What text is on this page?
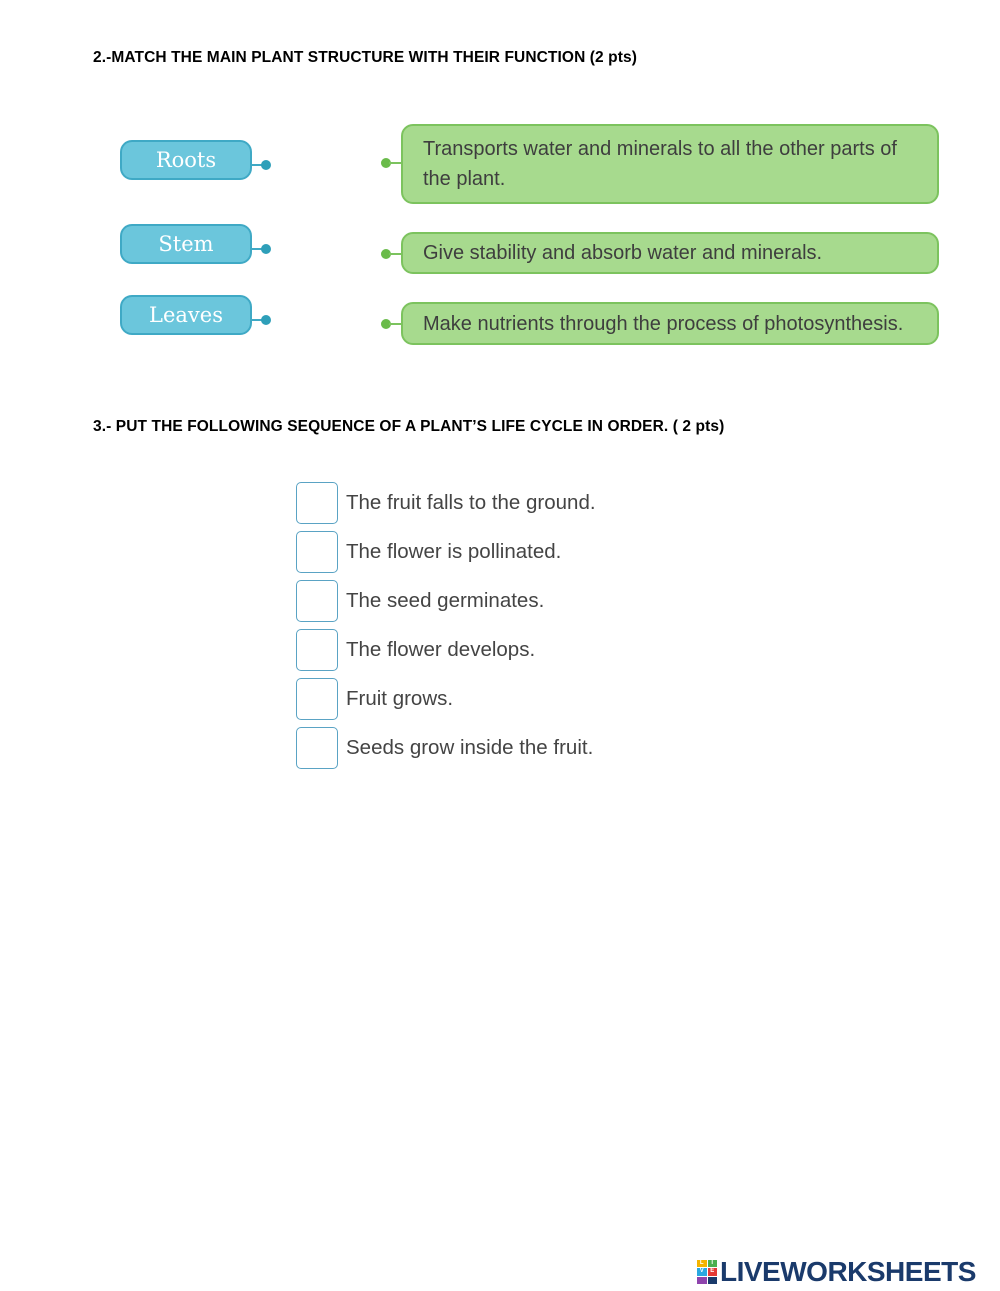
2.-MATCH THE MAIN PLANT STRUCTURE WITH THEIR FUNCTION (2 pts)
Roots
Stem
Leaves
Transports water and minerals to all the other parts of the plant.
Give stability and absorb water and minerals.
Make nutrients through the process of photosynthesis.
3.- PUT THE FOLLOWING SEQUENCE OF A PLANT’S LIFE CYCLE IN ORDER. ( 2 pts)
The fruit falls to the ground.
The flower is pollinated.
The seed germinates.
The flower develops.
Fruit grows.
Seeds grow inside the fruit.
L	I
V	E LIVEWORKSHEETS
